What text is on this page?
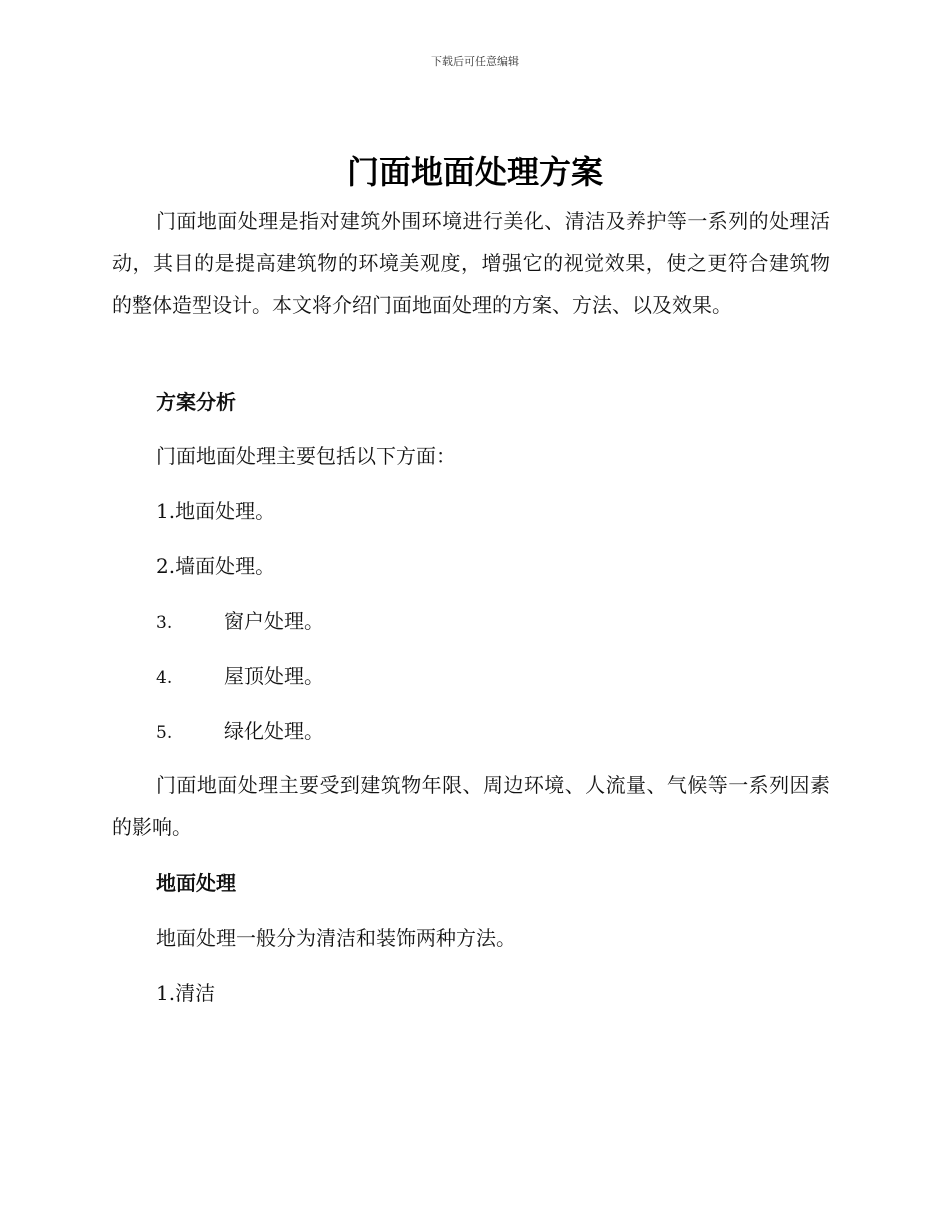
下载后可任意编辑
门面地面处理方案

门面地面处理是指对建筑外围环境进行美化、清洁及养护等一系列的处理活动，其目的是提高建筑物的环境美观度，增强它的视觉效果，使之更符合建筑物的整体造型设计。本文将介绍门面地面处理的方案、方法、以及效果。

方案分析

门面地面处理主要包括以下方面：

1.地面处理。

2.墙面处理。

3.	窗户处理。

4.	屋顶处理。

5.	绿化处理。

门面地面处理主要受到建筑物年限、周边环境、人流量、气候等一系列因素的影响。

地面处理

地面处理一般分为清洁和装饰两种方法。

1.清洁
